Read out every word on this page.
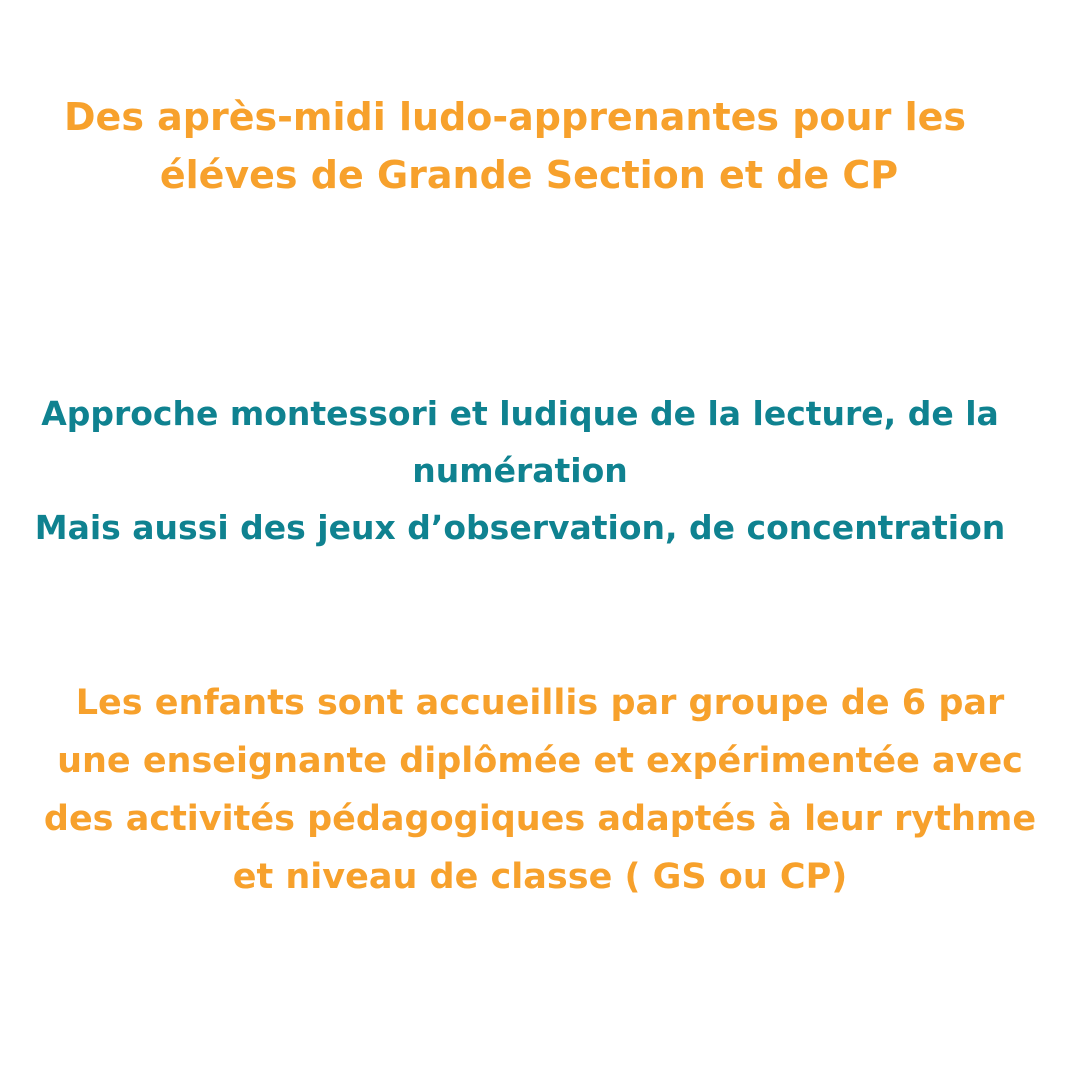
Des après-midi ludo-apprenantes pour les
éléves de Grande Section et de CP

Approche montessori et ludique de la lecture, de la
numération
Mais aussi des jeux d’observation, de concentration

Les enfants sont accueillis par groupe de 6 par
une enseignante diplômée et expérimentée avec
des activités pédagogiques adaptés à leur rythme
et niveau de classe ( GS ou CP)
